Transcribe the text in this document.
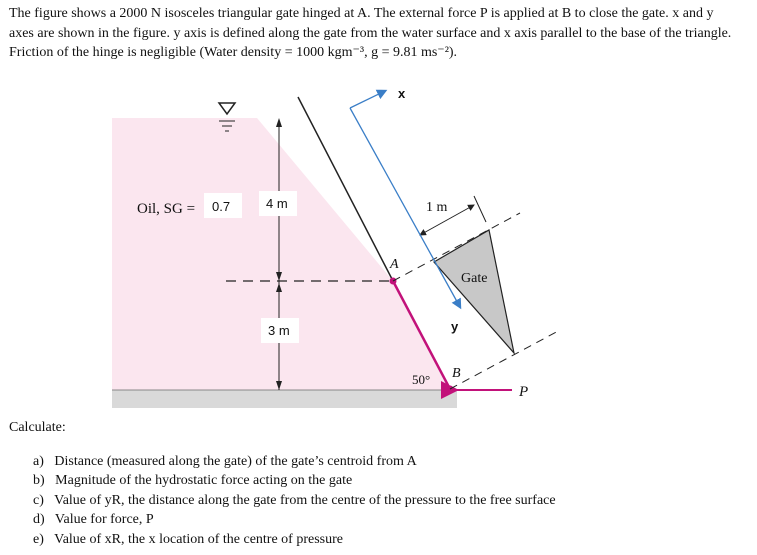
The figure shows a 2000 N isosceles triangular gate hinged at A. The external force P is applied at B to close the gate. x and y
axes are shown in the figure. y axis is defined along the gate from the water surface and x axis parallel to the base of the triangle.
Friction of the hinge is negligible (Water density = 1000 kgm⁻³, g = 9.81 ms⁻²).
Oil, SG = 0.7	4 m
3 m
A
B
P
50°
1 m
Gate
x
y
Calculate:
a) Distance (measured along the gate) of the gate’s centroid from A
b) Magnitude of the hydrostatic force acting on the gate
c) Value of yR, the distance along the gate from the centre of the pressure to the free surface
d) Value for force, P
e) Value of xR, the x location of the centre of pressure
